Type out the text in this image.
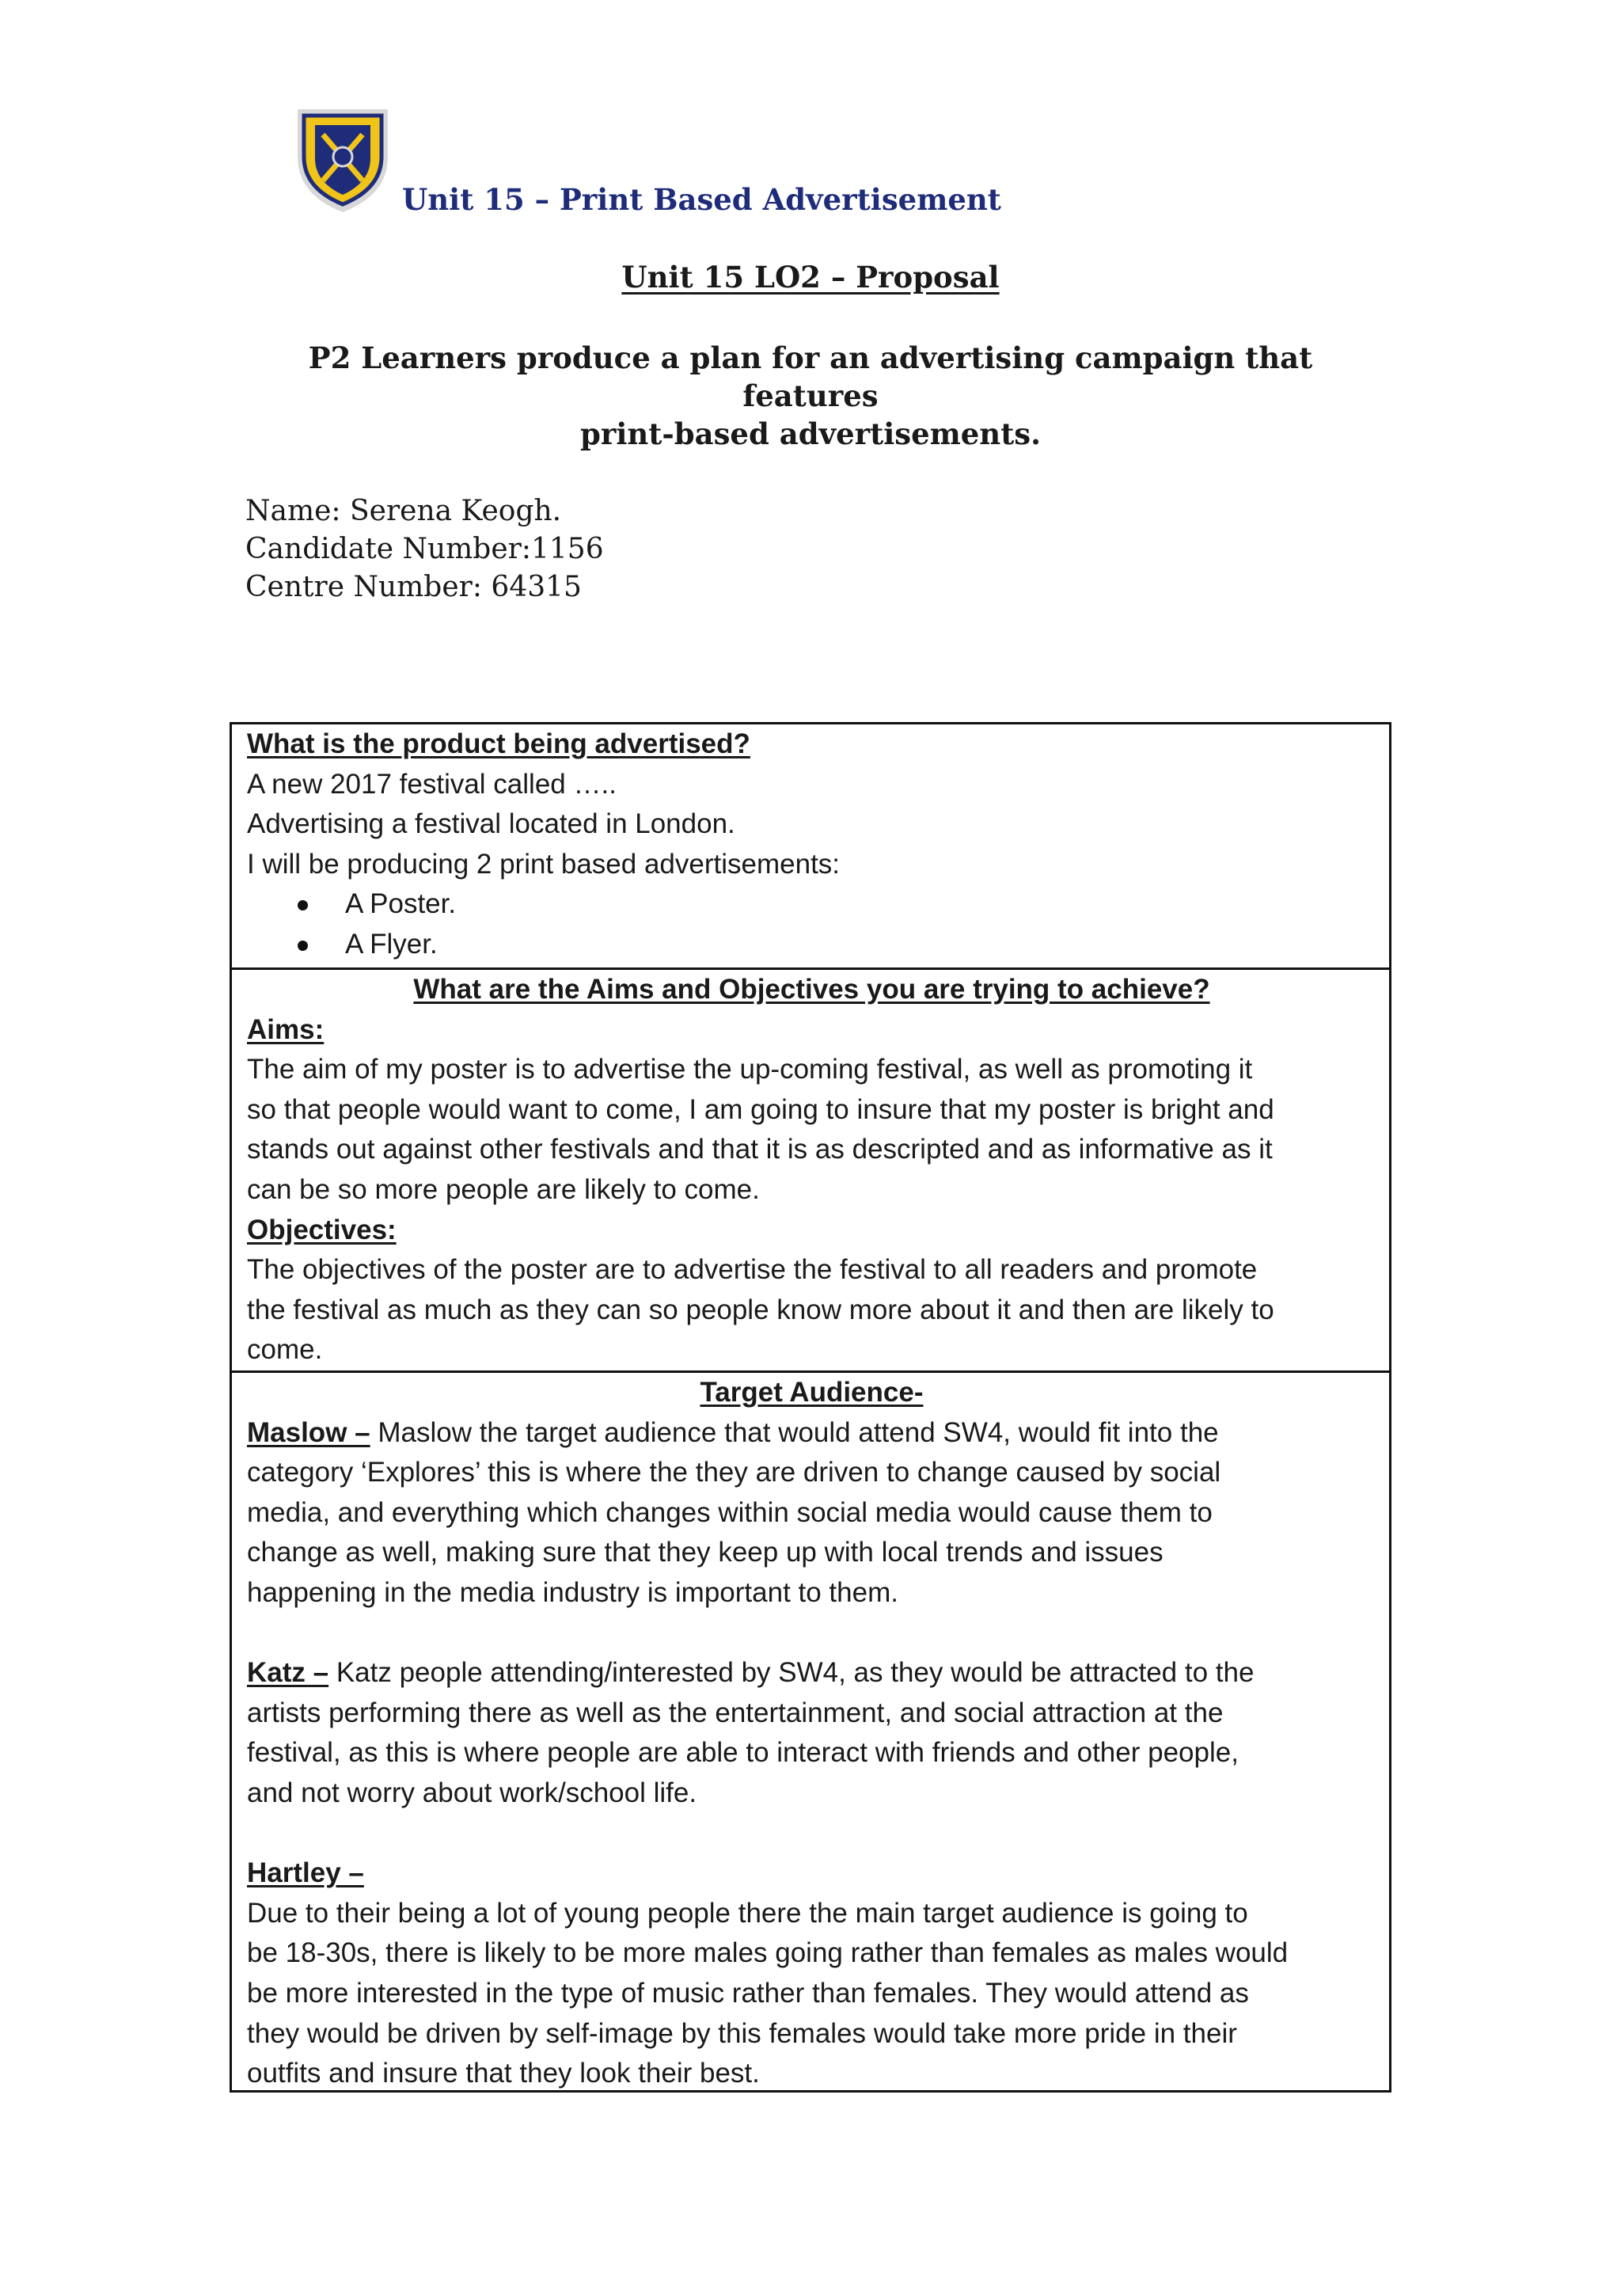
Unit 15 – Print Based Advertisement
Unit 15 LO2 – Proposal
P2 Learners produce a plan for an advertising campaign that features
print-based advertisements.
Name: Serena Keogh.
Candidate Number:1156
Centre Number: 64315
What is the product being advertised?
A new 2017 festival called …..
Advertising a festival located in London.
I will be producing 2 print based advertisements:
A Poster.
A Flyer.
What are the Aims and Objectives you are trying to achieve?
Aims:
The aim of my poster is to advertise the up-coming festival, as well as promoting it
so that people would want to come, I am going to insure that my poster is bright and
stands out against other festivals and that it is as descripted and as informative as it
can be so more people are likely to come.
Objectives:
The objectives of the poster are to advertise the festival to all readers and promote
the festival as much as they can so people know more about it and then are likely to
come.
Target Audience-
Maslow – Maslow the target audience that would attend SW4, would fit into the
category ‘Explores’ this is where the they are driven to change caused by social
media, and everything which changes within social media would cause them to
change as well, making sure that they keep up with local trends and issues
happening in the media industry is important to them.
Katz – Katz people attending/interested by SW4, as they would be attracted to the
artists performing there as well as the entertainment, and social attraction at the
festival, as this is where people are able to interact with friends and other people,
and not worry about work/school life.
Hartley –
Due to their being a lot of young people there the main target audience is going to
be 18-30s, there is likely to be more males going rather than females as males would
be more interested in the type of music rather than females. They would attend as
they would be driven by self-image by this females would take more pride in their
outfits and insure that they look their best.
